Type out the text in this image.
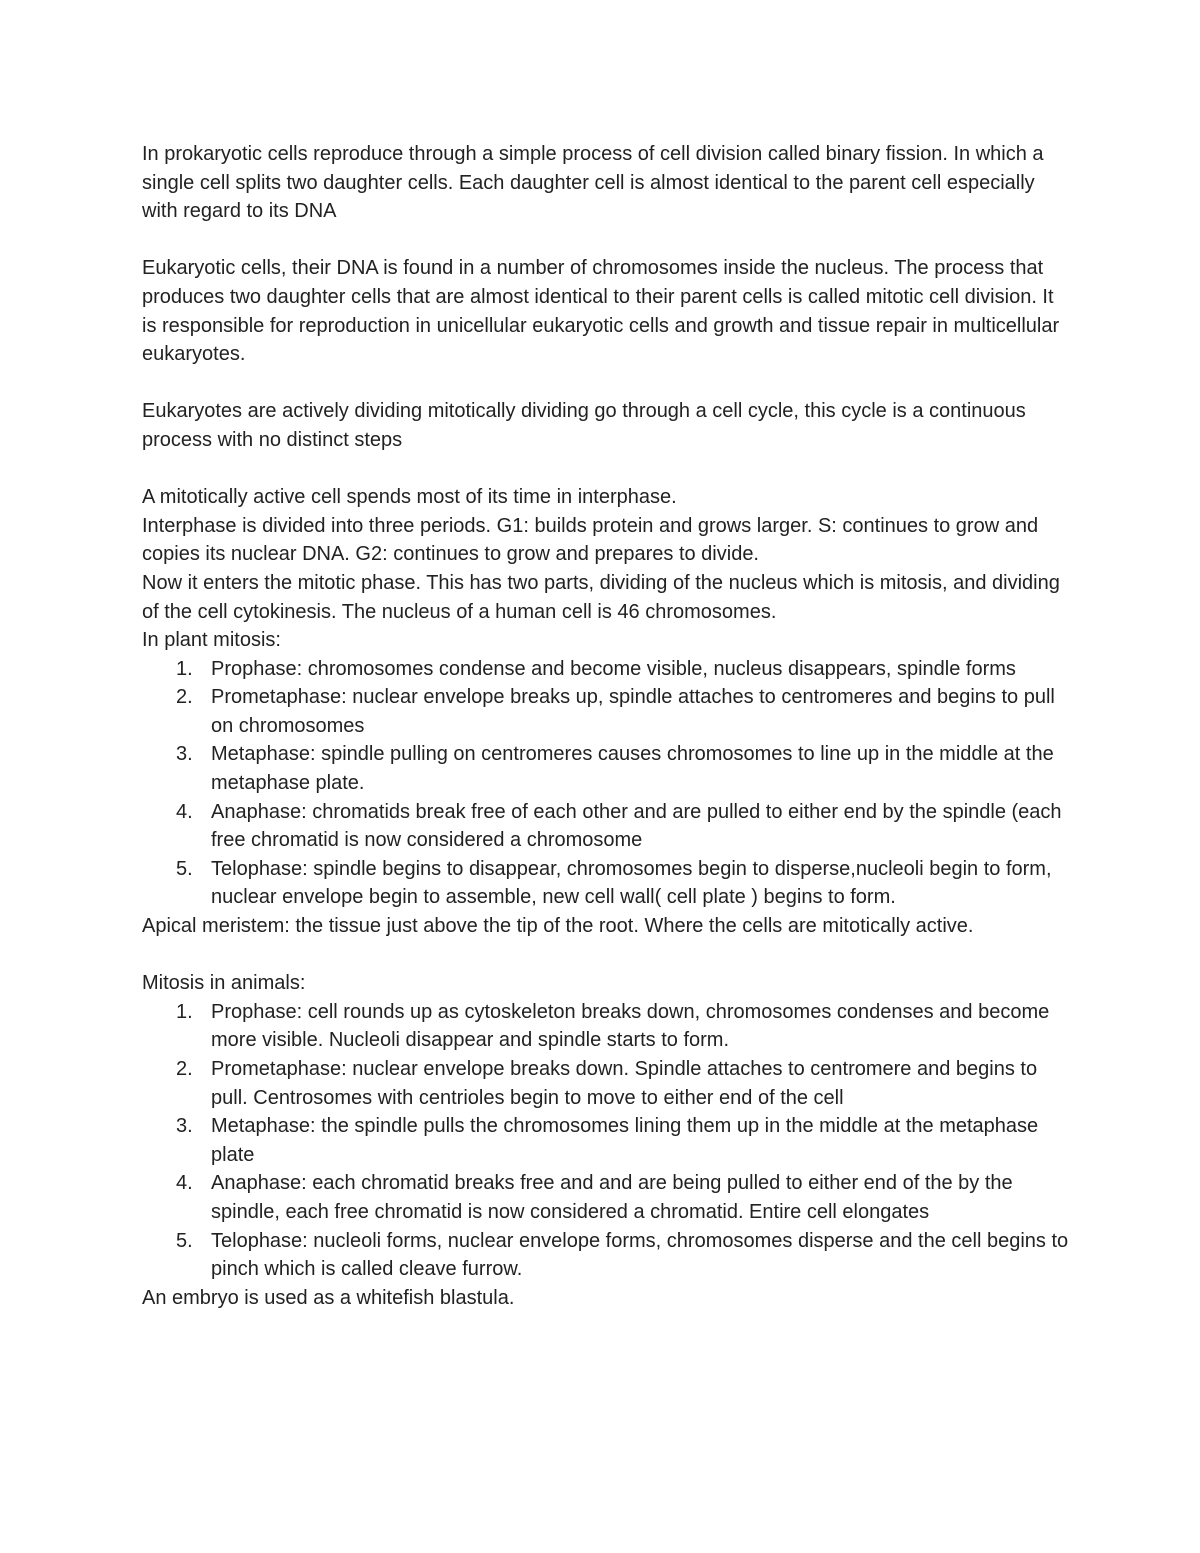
In prokaryotic cells reproduce through a simple process of cell division called binary fission. In which a single cell splits two daughter cells. Each daughter cell is almost identical to the parent cell especially with regard to its DNA

Eukaryotic cells, their DNA is found in a number of chromosomes inside the nucleus. The process that produces two daughter cells that are almost identical to their parent cells is called mitotic cell division. It is responsible for reproduction in unicellular eukaryotic cells and growth and tissue repair in multicellular eukaryotes.

Eukaryotes are actively dividing mitotically dividing go through a cell cycle, this cycle is a continuous process with no distinct steps

A mitotically active cell spends most of its time in interphase.

Interphase is divided into three periods. G1: builds protein and grows larger. S: continues to grow and copies its nuclear DNA. G2: continues to grow and prepares to divide.

Now it enters the mitotic phase. This has two parts, dividing of the nucleus which is mitosis, and dividing of the cell cytokinesis. The nucleus of a human cell is 46 chromosomes.

In plant mitosis:

1. Prophase: chromosomes condense and become visible, nucleus disappears, spindle forms
2. Prometaphase: nuclear envelope breaks up, spindle attaches to centromeres and begins to pull on chromosomes
3. Metaphase: spindle pulling on centromeres causes chromosomes to line up in the middle at the metaphase plate.
4. Anaphase: chromatids break free of each other and are pulled to either end by the spindle (each free chromatid is now considered a chromosome
5. Telophase: spindle begins to disappear, chromosomes begin to disperse,nucleoli begin to form, nuclear envelope begin to assemble, new cell wall( cell plate ) begins to form.

Apical meristem: the tissue just above the tip of the root. Where the cells are mitotically active.

Mitosis in animals:

1. Prophase: cell rounds up as cytoskeleton breaks down, chromosomes condenses and become more visible. Nucleoli disappear and spindle starts to form.
2. Prometaphase: nuclear envelope breaks down. Spindle attaches to centromere and begins to pull. Centrosomes with centrioles begin to move to either end of the cell
3. Metaphase: the spindle pulls the chromosomes lining them up in the middle at the metaphase plate
4. Anaphase: each chromatid breaks free and and are being pulled to either end of the by the spindle, each free chromatid is now considered a chromatid. Entire cell elongates
5. Telophase: nucleoli forms, nuclear envelope forms, chromosomes disperse and the cell begins to pinch which is called cleave furrow.

An embryo is used as a whitefish blastula.
